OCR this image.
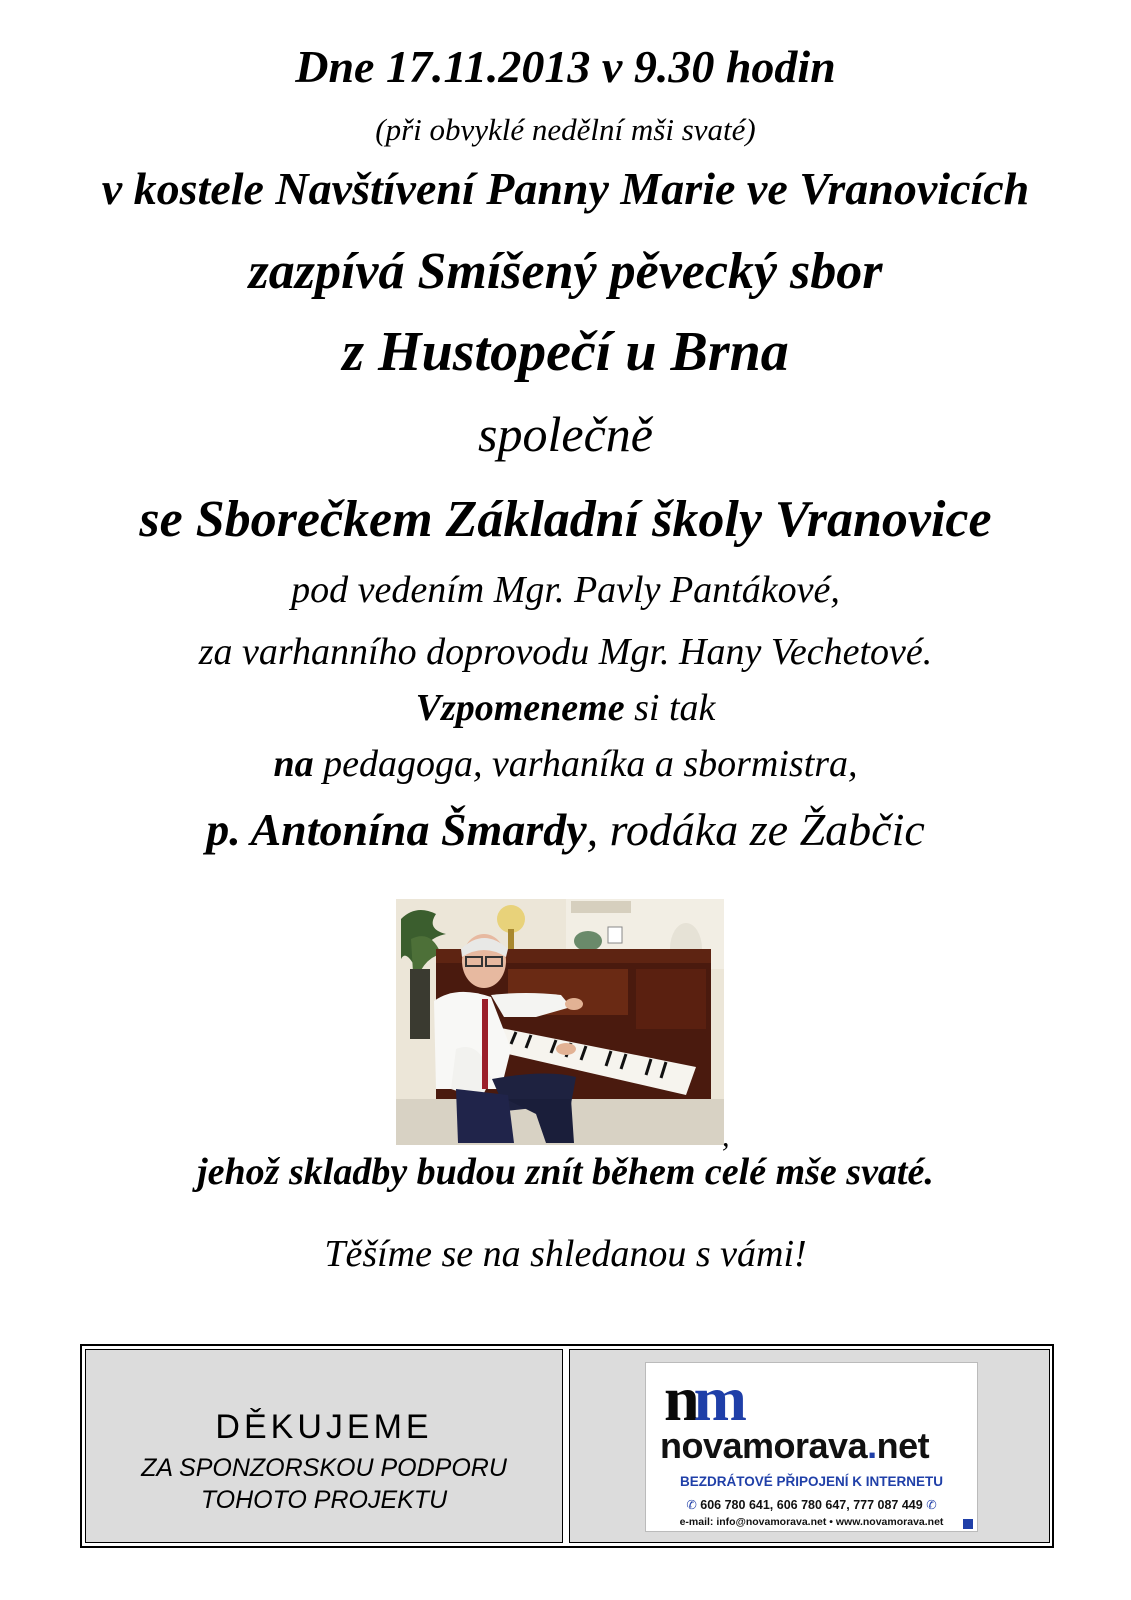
Dne 17.11.2013 v 9.30 hodin
(při obvyklé nedělní mši svaté)
v kostele Navštívení Panny Marie ve Vranovicích
zazpívá Smíšený pěvecký sbor
z Hustopečí u Brna
společně
se Sborečkem Základní školy Vranovice
pod vedením Mgr. Pavly Pantákové,
za varhanního doprovodu Mgr. Hany Vechetové.
Vzpomeneme si tak
na pedagoga, varhaníka a sbormistra,
p. Antonína Šmardy, rodáka ze Žabčic
,
jehož skladby budou znít během celé mše svaté.
Těšíme se na shledanou s vámi!
DĚKUJEME
ZA SPONZORSKOU PODPORU
TOHOTO PROJEKTU
nm
novamorava.net
BEZDRÁTOVÉ PŘIPOJENÍ K INTERNETU
✆ 606 780 641, 606 780 647, 777 087 449 ✆
e-mail: info@novamorava.net • www.novamorava.net
